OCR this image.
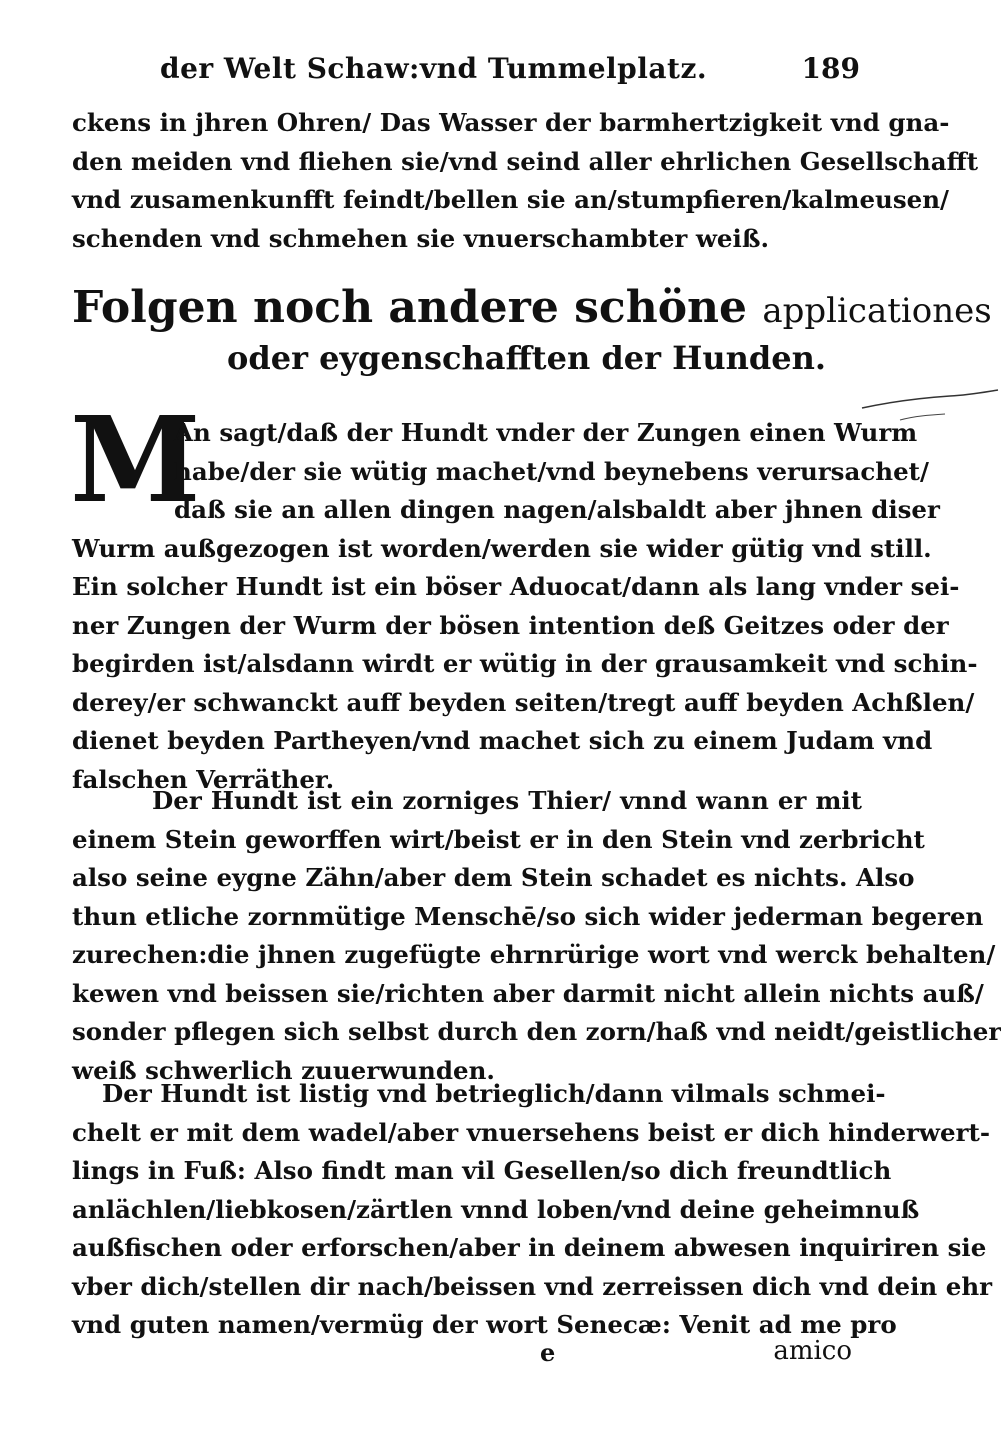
der Welt Schaw:vnd Tummelplatz.	189
ckens in jhren Ohren/ Das Wasser der barmhertzigkeit vnd gna-
den meiden vnd fliehen sie/vnd seind aller ehrlichen Gesellschafft
vnd zusamenkunfft feindt/bellen sie an/stumpfieren/kalmeusen/
schenden vnd schmehen sie vnuerschambter weiß.
Folgen noch andere schöne applicationes
oder eygenschafften der Hunden.
M
An sagt/daß der Hundt vnder der Zungen einen Wurm
habe/der sie wütig machet/vnd beynebens verursachet/
daß sie an allen dingen nagen/alsbaldt aber jhnen diser
Wurm außgezogen ist worden/werden sie wider gütig vnd still.
Ein solcher Hundt ist ein böser Aduocat/dann als lang vnder sei-
ner Zungen der Wurm der bösen intention deß Geitzes oder der
begirden ist/alsdann wirdt er wütig in der grausamkeit vnd schin-
derey/er schwanckt auff beyden seiten/tregt auff beyden Achßlen/
dienet beyden Partheyen/vnd machet sich zu einem Judam vnd
falschen Verräther.
Der Hundt ist ein zorniges Thier/ vnnd wann er mit
einem Stein geworffen wirt/beist er in den Stein vnd zerbricht
also seine eygne Zähn/aber dem Stein schadet es nichts. Also
thun etliche zornmütige Menschē/so sich wider jederman begeren
zurechen:die jhnen zugefügte ehrnrürige wort vnd werck behalten/
kewen vnd beissen sie/richten aber darmit nicht allein nichts auß/
sonder pflegen sich selbst durch den zorn/haß vnd neidt/geistlicher
weiß schwerlich zuuerwunden.
Der Hundt ist listig vnd betrieglich/dann vilmals schmei-
chelt er mit dem wadel/aber vnuersehens beist er dich hinderwert-
lings in Fuß: Also findt man vil Gesellen/so dich freundtlich
anlächlen/liebkosen/zärtlen vnnd loben/vnd deine geheimnuß
außfischen oder erforschen/aber in deinem abwesen inquiriren sie
vber dich/stellen dir nach/beissen vnd zerreissen dich vnd dein ehr
vnd guten namen/vermüg der wort Senecæ: Venit ad me pro
e	amico
